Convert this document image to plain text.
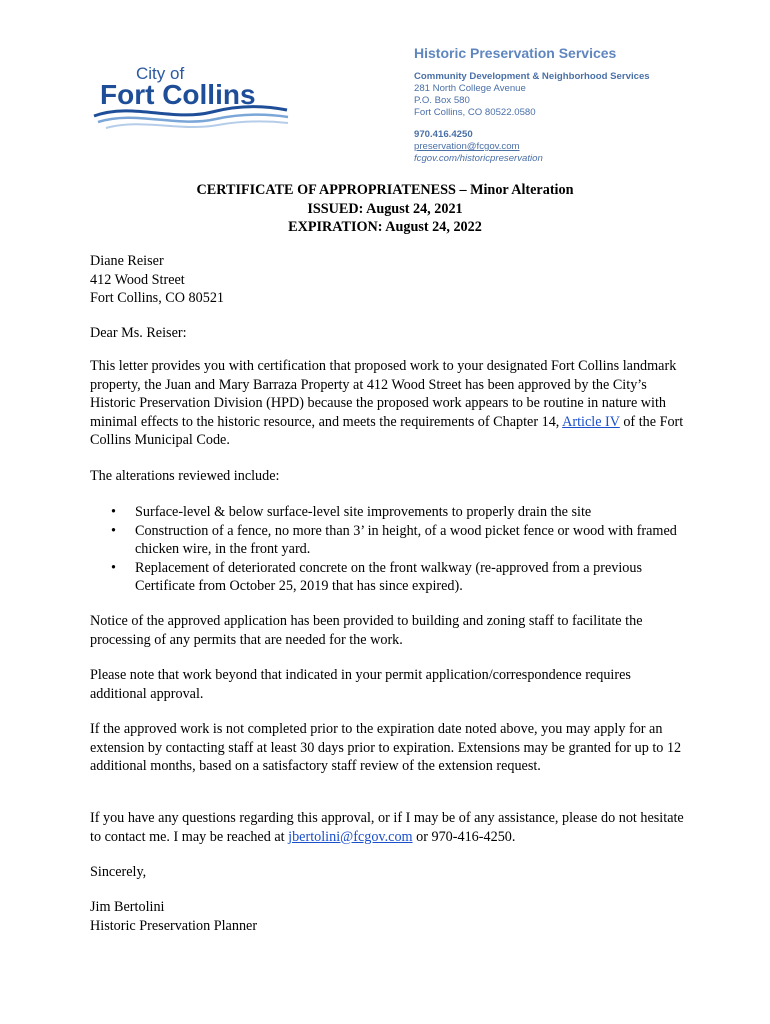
City of
Fort Collins
Historic Preservation Services
Community Development & Neighborhood Services
281 North College Avenue
P.O. Box 580
Fort Collins, CO 80522.0580
970.416.4250
preservation@fcgov.com
fcgov.com/historicpreservation
CERTIFICATE OF APPROPRIATENESS – Minor Alteration
ISSUED: August 24, 2021
EXPIRATION: August 24, 2022

Diane Reiser

412 Wood Street

Fort Collins, CO 80521

Dear Ms. Reiser:
This letter provides you with certification that proposed work to your designated Fort Collins landmark property, the Juan and Mary Barraza Property at 412 Wood Street has been approved by the City’s Historic Preservation Division (HPD) because the proposed work appears to be routine in nature with minimal effects to the historic resource, and meets the requirements of Chapter 14, Article IV of the Fort Collins Municipal Code.
The alterations reviewed include:
• Surface-level & below surface-level site improvements to properly drain the site
• Construction of a fence, no more than 3’ in height, of a wood picket fence or wood with framed chicken wire, in the front yard.
• Replacement of deteriorated concrete on the front walkway (re-approved from a previous Certificate from October 25, 2019 that has since expired).
Notice of the approved application has been provided to building and zoning staff to facilitate the processing of any permits that are needed for the work.
Please note that work beyond that indicated in your permit application/correspondence requires additional approval.
If the approved work is not completed prior to the expiration date noted above, you may apply for an extension by contacting staff at least 30 days prior to expiration. Extensions may be granted for up to 12 additional months, based on a satisfactory staff review of the extension request.
If you have any questions regarding this approval, or if I may be of any assistance, please do not hesitate to contact me. I may be reached at jbertolini@fcgov.com or 970-416-4250.
Sincerely,

Jim Bertolini

Historic Preservation Planner
